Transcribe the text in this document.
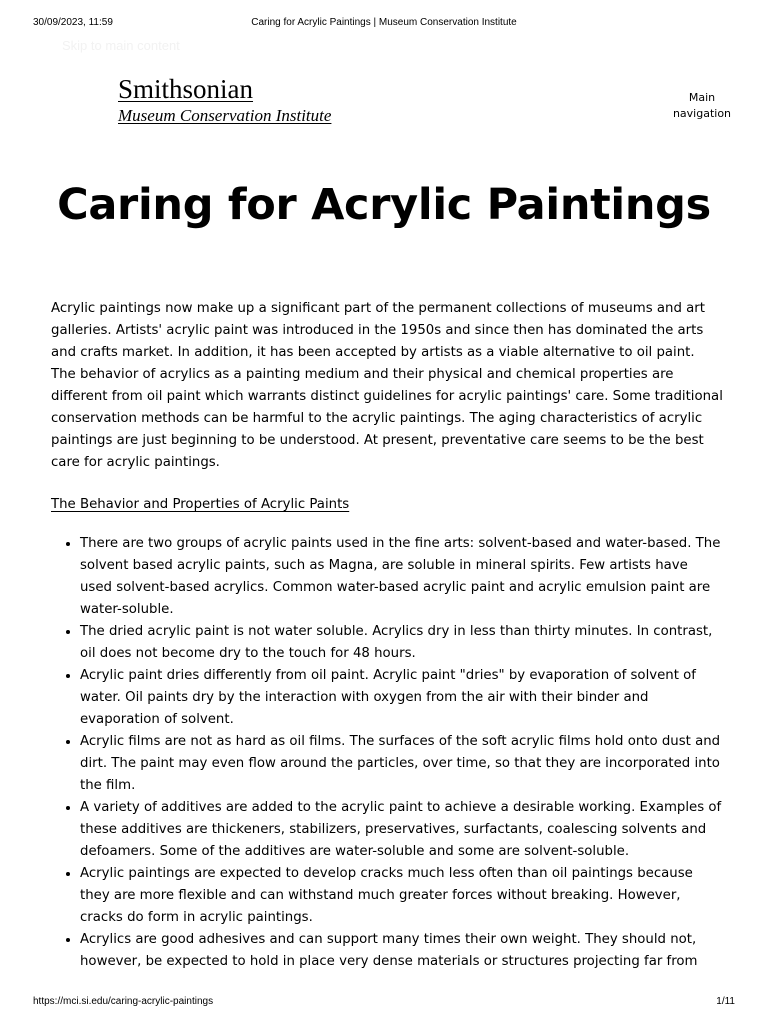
30/09/2023, 11:59	Caring for Acrylic Paintings | Museum Conservation Institute
Skip to main content
Smithsonian
Museum Conservation Institute
Main navigation
Caring for Acrylic Paintings

Acrylic paintings now make up a significant part of the permanent collections of museums and art galleries. Artists' acrylic paint was introduced in the 1950s and since then has dominated the arts and crafts market. In addition, it has been accepted by artists as a viable alternative to oil paint. The behavior of acrylics as a painting medium and their physical and chemical properties are different from oil paint which warrants distinct guidelines for acrylic paintings' care. Some traditional conservation methods can be harmful to the acrylic paintings. The aging characteristics of acrylic paintings are just beginning to be understood. At present, preventative care seems to be the best care for acrylic paintings.

The Behavior and Properties of Acrylic Paints

• There are two groups of acrylic paints used in the fine arts: solvent-based and water-based. The solvent based acrylic paints, such as Magna, are soluble in mineral spirits. Few artists have used solvent-based acrylics. Common water-based acrylic paint and acrylic emulsion paint are water-soluble.
• The dried acrylic paint is not water soluble. Acrylics dry in less than thirty minutes. In contrast, oil does not become dry to the touch for 48 hours.
• Acrylic paint dries differently from oil paint. Acrylic paint "dries" by evaporation of solvent of water. Oil paints dry by the interaction with oxygen from the air with their binder and evaporation of solvent.
• Acrylic films are not as hard as oil films. The surfaces of the soft acrylic films hold onto dust and dirt. The paint may even flow around the particles, over time, so that they are incorporated into the film.
• A variety of additives are added to the acrylic paint to achieve a desirable working. Examples of these additives are thickeners, stabilizers, preservatives, surfactants, coalescing solvents and defoamers. Some of the additives are water-soluble and some are solvent-soluble.
• Acrylic paintings are expected to develop cracks much less often than oil paintings because they are more flexible and can withstand much greater forces without breaking. However, cracks do form in acrylic paintings.
• Acrylics are good adhesives and can support many times their own weight. They should not, however, be expected to hold in place very dense materials or structures projecting far from
https://mci.si.edu/caring-acrylic-paintings	1/11
